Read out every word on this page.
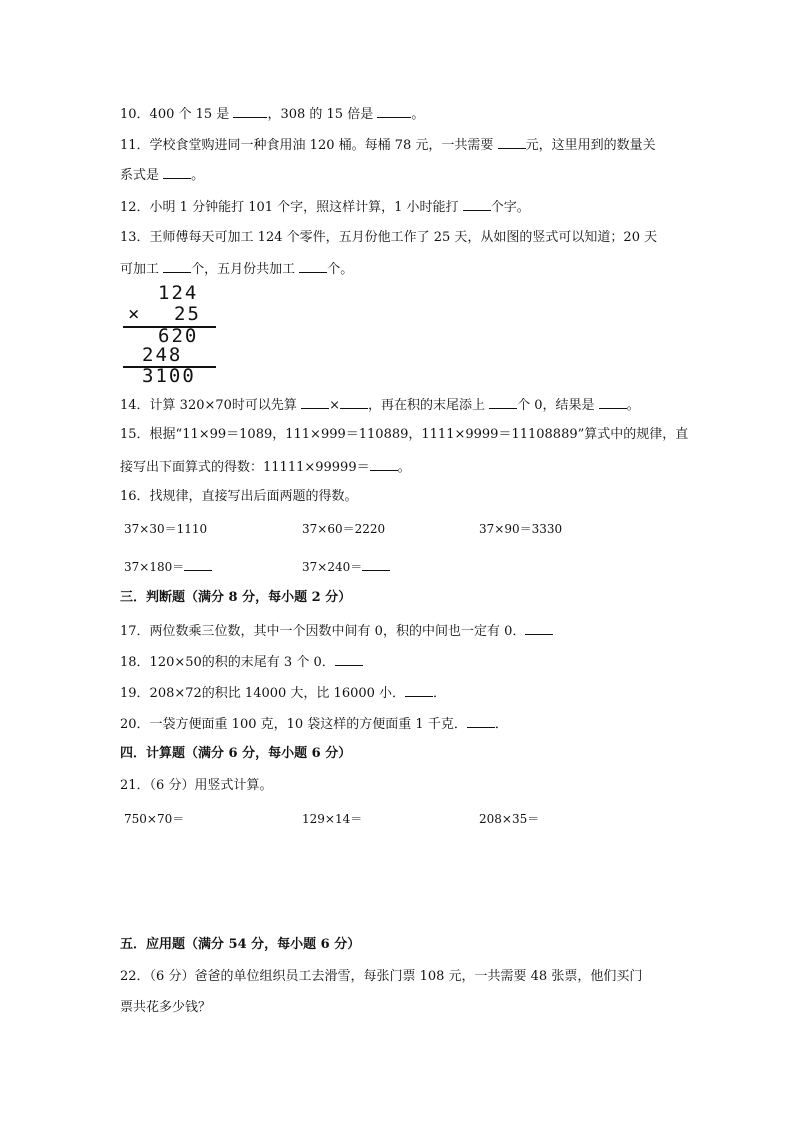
10．400 个 15 是	，308 的 15 倍是	。
11．学校食堂购进同一种食用油 120 桶。每桶 78 元，一共需要 元，这里用到的数量关
系式是 。
12．小明 1 分钟能打 101 个字，照这样计算，1 小时能打 个字。
13．王师傅每天可加工 124 个零件，五月份他工作了 25 天，从如图的竖式可以知道；20 天
可加工 个，五月份共加工 个。
124
× 25
620
248
3100
14．计算 320×70时可以先算 × ，再在积的末尾添上 个 0，结果是 。
15．根据“11×99＝1089，111×999＝110889，1111×9999＝11108889”算式中的规律，直
接写出下面算式的得数：11111×99999＝ 。
16．找规律，直接写出后面两题的得数。
37×30＝1110	37×60＝2220	37×90＝3330
37×180＝	37×240＝
三．判断题（满分 8 分，每小题 2 分）
17．两位数乘三位数，其中一个因数中间有 0，积的中间也一定有 0．
18．120×50的积的末尾有 3 个 0．
19．208×72的积比 14000 大，比 16000 小． ．
20．一袋方便面重 100 克，10 袋这样的方便面重 1 千克． ．
四．计算题（满分 6 分，每小题 6 分）
21．（6 分）用竖式计算。
750×70＝	129×14＝	208×35＝
五．应用题（满分 54 分，每小题 6 分）
22．（6 分）爸爸的单位组织员工去滑雪，每张门票 108 元，一共需要 48 张票，他们买门
票共花多少钱？
